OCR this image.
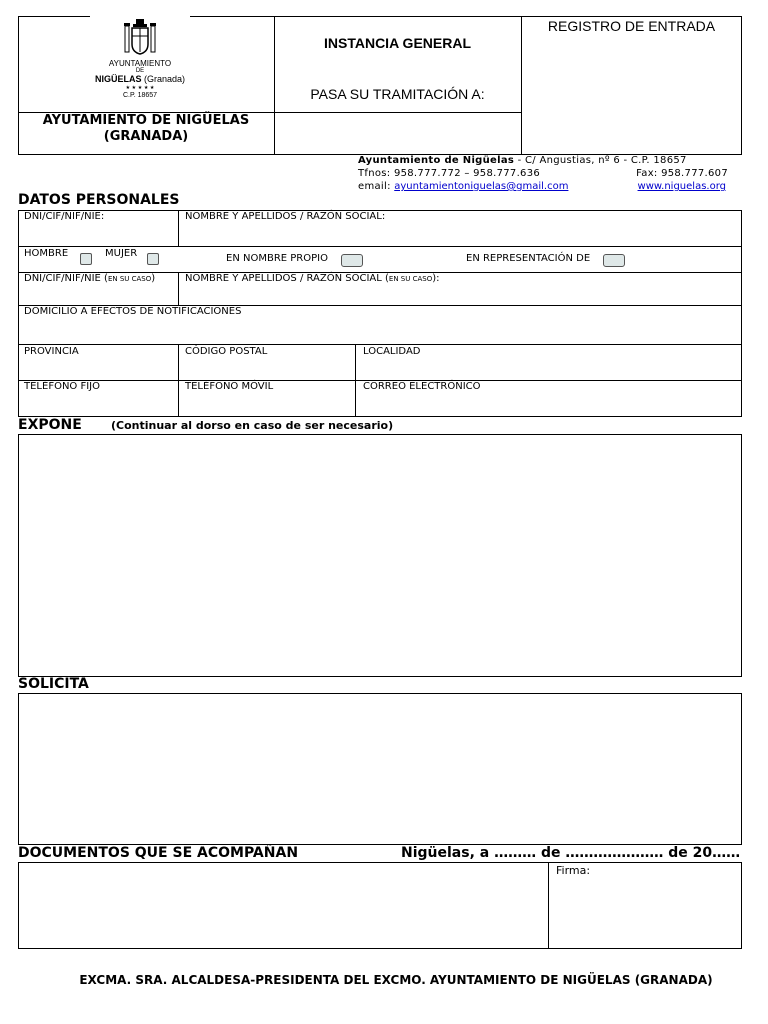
AYUNTAMIENTO
DE
NIGÜELAS (Granada)
★ ★ ★ ★ ★
C.P. 18657
AYUTAMIENTO DE NIGÜELAS
(GRANADA)
INSTANCIA GENERAL
PASA SU TRAMITACIÓN A:
REGISTRO DE ENTRADA
Ayuntamiento de Nigüelas - C/ Angustias, nº 6 - C.P. 18657
Tfnos: 958.777.772 – 958.777.636	Fax: 958.777.607
email: ayuntamientoniguelas@gmail.com	www.niguelas.org
DATOS PERSONALES
DNI/CIF/NIF/NIE:	NOMBRE Y APELLIDOS / RAZÓN SOCIAL:
HOMBRE	MUJER	EN NOMBRE PROPIO	EN REPRESENTACIÓN DE
DNI/CIF/NIF/NIE (EN SU CASO)	NOMBRE Y APELLIDOS / RAZÓN SOCIAL (EN SU CASO):
DOMICILIO A EFECTOS DE NOTIFICACIONES
PROVINCIA	CÓDIGO POSTAL	LOCALIDAD
TELÉFONO FIJO	TELÉFONO MÓVIL	CORREO ELECTRÓNICO
EXPONE	(Continuar al dorso en caso de ser necesario)
SOLICITA
DOCUMENTOS QUE SE ACOMPAÑAN	Nigüelas, a ……… de ………………… de 20……
Firma:
EXCMA. SRA. ALCALDESA-PRESIDENTA DEL EXCMO. AYUNTAMIENTO DE NIGÜELAS (GRANADA)
